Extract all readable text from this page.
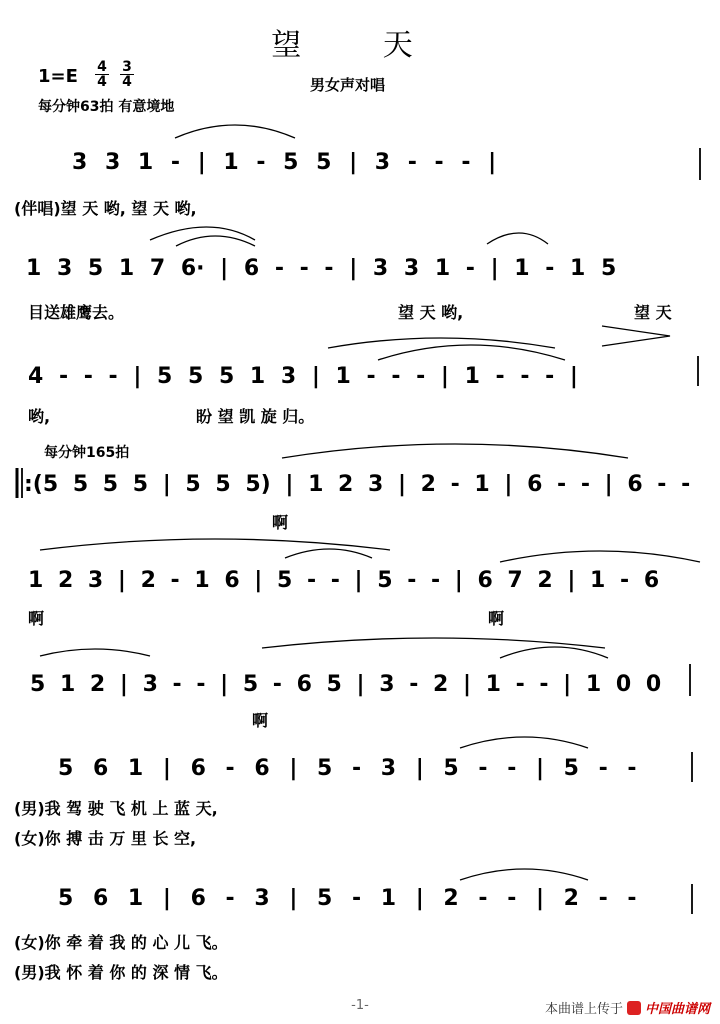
望 天
1=E 4
4
3
4	男女声对唱
每分钟63拍 有意境地
每分钟165拍
3 3 1 - | 1 - 5 5 | 3 - - - |
(伴唱)望 天 哟, 望 天 哟,
1 3 5 1 7 6· | 6 - - - | 3 3 1 - | 1 - 1 5
目送雄鹰去。	望 天 哟,	望 天
4 - - - | 5 5 5 1 3 | 1 - - - | 1 - - - |
哟,	盼 望 凯 旋 归。
:(5 5 5 5 | 5 5 5) | 1 2 3 | 2 - 1 | 6 - - | 6 - -
啊
1 2 3 | 2 - 1 6 | 5 - - | 5 - - | 6 7 2 | 1 - 6
啊	啊
5 1 2 | 3 - - | 5 - 6 5 | 3 - 2 | 1 - - | 1 0 0
啊
5 6 1 | 6 - 6 | 5 - 3 | 5 - - | 5 - -
(男)我 驾 驶 飞 机 上 蓝 天,
(女)你 搏 击 万 里 长 空,
5 6 1 | 6 - 3 | 5 - 1 | 2 - - | 2 - -
(女)你 牵 着 我 的 心 儿 飞。
(男)我 怀 着 你 的 深 情 飞。
-1-	本曲谱上传于 中国曲谱网
